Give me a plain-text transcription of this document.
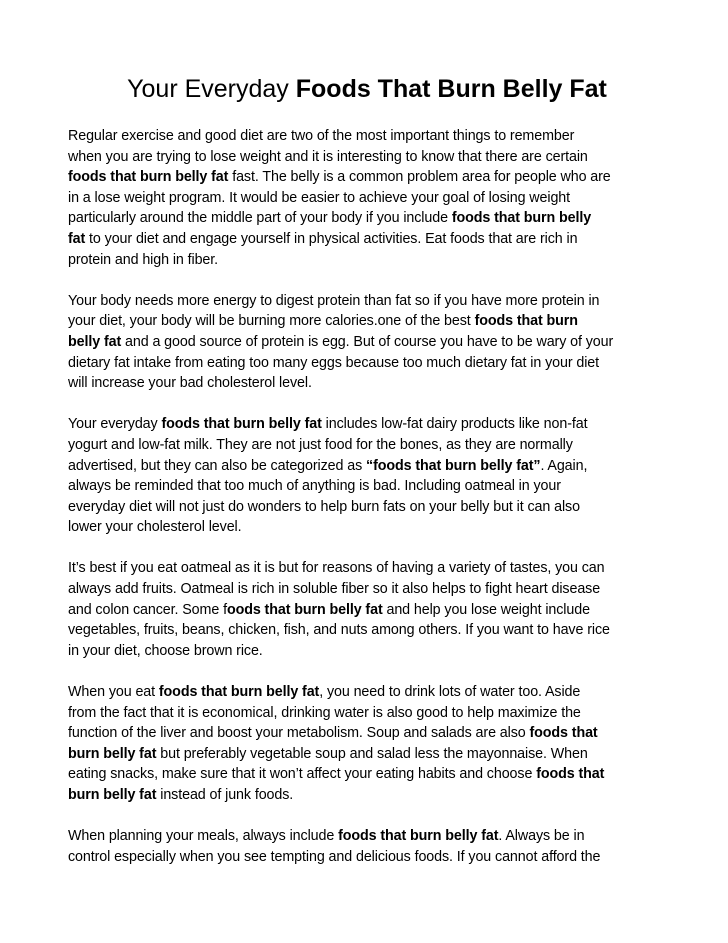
Your Everyday Foods That Burn Belly Fat

Regular exercise and good diet are two of the most important things to remember
when you are trying to lose weight and it is interesting to know that there are certain
foods that burn belly fat fast. The belly is a common problem area for people who are
in a lose weight program. It would be easier to achieve your goal of losing weight
particularly around the middle part of your body if you include foods that burn belly
fat to your diet and engage yourself in physical activities. Eat foods that are rich in
protein and high in fiber.

Your body needs more energy to digest protein than fat so if you have more protein in
your diet, your body will be burning more calories.one of the best foods that burn
belly fat and a good source of protein is egg. But of course you have to be wary of your
dietary fat intake from eating too many eggs because too much dietary fat in your diet
will increase your bad cholesterol level.

Your everyday foods that burn belly fat includes low-fat dairy products like non-fat
yogurt and low-fat milk. They are not just food for the bones, as they are normally
advertised, but they can also be categorized as “foods that burn belly fat”. Again,
always be reminded that too much of anything is bad. Including oatmeal in your
everyday diet will not just do wonders to help burn fats on your belly but it can also
lower your cholesterol level.

It’s best if you eat oatmeal as it is but for reasons of having a variety of tastes, you can
always add fruits. Oatmeal is rich in soluble fiber so it also helps to fight heart disease
and colon cancer. Some foods that burn belly fat and help you lose weight include
vegetables, fruits, beans, chicken, fish, and nuts among others. If you want to have rice
in your diet, choose brown rice.

When you eat foods that burn belly fat, you need to drink lots of water too. Aside
from the fact that it is economical, drinking water is also good to help maximize the
function of the liver and boost your metabolism. Soup and salads are also foods that
burn belly fat but preferably vegetable soup and salad less the mayonnaise. When
eating snacks, make sure that it won’t affect your eating habits and choose foods that
burn belly fat instead of junk foods.

When planning your meals, always include foods that burn belly fat. Always be in
control especially when you see tempting and delicious foods. If you cannot afford the
